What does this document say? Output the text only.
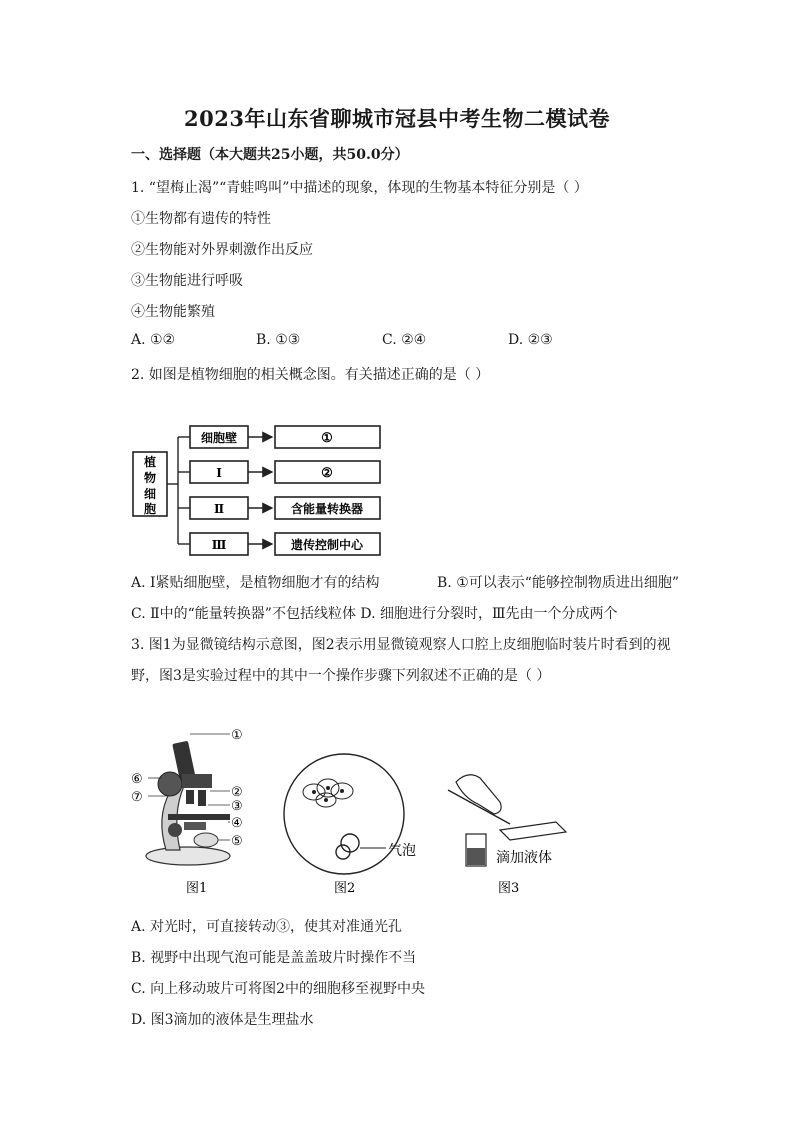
2023年山东省聊城市冠县中考生物二模试卷
一、选择题（本大题共25小题，共50.0分）
1. “望梅止渴”“青蛙鸣叫”中描述的现象，体现的生物基本特征分别是（ ）
①生物都有遗传的特性
②生物能对外界刺激作出反应
③生物能进行呼吸
④生物能繁殖
A. ①②	B. ①③	C. ②④	D. ②③
2. 如图是植物细胞的相关概念图。有关描述正确的是（ ）
植
物
细
胞
细胞壁
Ⅰ
Ⅱ
Ⅲ
①
②
含能量转换器
遗传控制中心
A. Ⅰ紧贴细胞壁，是植物细胞才有的结构	B. ①可以表示“能够控制物质进出细胞”
C. Ⅱ中的“能量转换器”不包括线粒体 D. 细胞进行分裂时，Ⅲ先由一个分成两个
3. 图1为显微镜结构示意图，图2表示用显微镜观察人口腔上皮细胞临时装片时看到的视
野，图3是实验过程中的其中一个操作步骤下列叙述不正确的是（ ）
①
⑥
⑦	②
③
④
⑤
气泡	滴加液体
图1	图2	图3
A. 对光时，可直接转动③，使其对准通光孔
B. 视野中出现气泡可能是盖盖玻片时操作不当
C. 向上移动玻片可将图2中的细胞移至视野中央
D. 图3滴加的液体是生理盐水
